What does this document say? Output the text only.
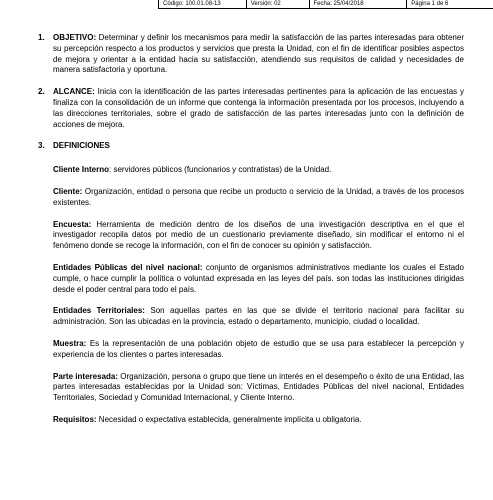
Código: 100.01.08-13	Versión: 02	Fecha: 25/04/2018	Página 1 de 6
1.	OBJETIVO: Determinar y definir los mecanismos para medir la satisfacción de las partes interesadas para obtener su percepción respecto a los productos y servicios que presta la Unidad, con el fin de identificar posibles aspectos de mejora y orientar a la entidad hacia su satisfacción, atendiendo sus requisitos de calidad y necesidades de manera satisfactoria y oportuna.
2.	ALCANCE: Inicia con la identificación de las partes interesadas pertinentes para la aplicación de las encuestas y finaliza con la consolidación de un informe que contenga la información presentada por los procesos, incluyendo a las direcciones territoriales, sobre el grado de satisfacción de las partes interesadas junto con la definición de acciones de mejora.
3.	DEFINICIONES
Cliente Interno: servidores públicos (funcionarios y contratistas) de la Unidad.
Cliente: Organización, entidad o persona que recibe un producto o servicio de la Unidad, a través de los procesos existentes.
Encuesta: Herramienta de medición dentro de los diseños de una investigación descriptiva en el que el investigador recopila datos por medio de un cuestionario previamente diseñado, sin modificar el entorno ni el fenómeno donde se recoge la información, con el fin de conocer su opinión y satisfacción.
Entidades Públicas del nivel nacional: conjunto de organismos administrativos mediante los cuales el Estado cumple, o hace cumplir la política o voluntad expresada en las leyes del país. son todas las instituciones dirigidas desde el poder central para todo el país.
Entidades Territoriales: Son aquellas partes en las que se divide el territorio nacional para facilitar su administración. Son las ubicadas en la provincia, estado o departamento, municipio, ciudad o localidad.
Muestra: Es la representación de una población objeto de estudio que se usa para establecer la percepción y experiencia de los clientes o partes interesadas.
Parte interesada: Organización, persona o grupo que tiene un interés en el desempeño o éxito de una Entidad, las partes interesadas establecidas por la Unidad son: Víctimas, Entidades Públicas del nivel nacional, Entidades Territoriales, Sociedad y Comunidad Internacional, y Cliente Interno.
Requisitos: Necesidad o expectativa establecida, generalmente implícita u obligatoria.
